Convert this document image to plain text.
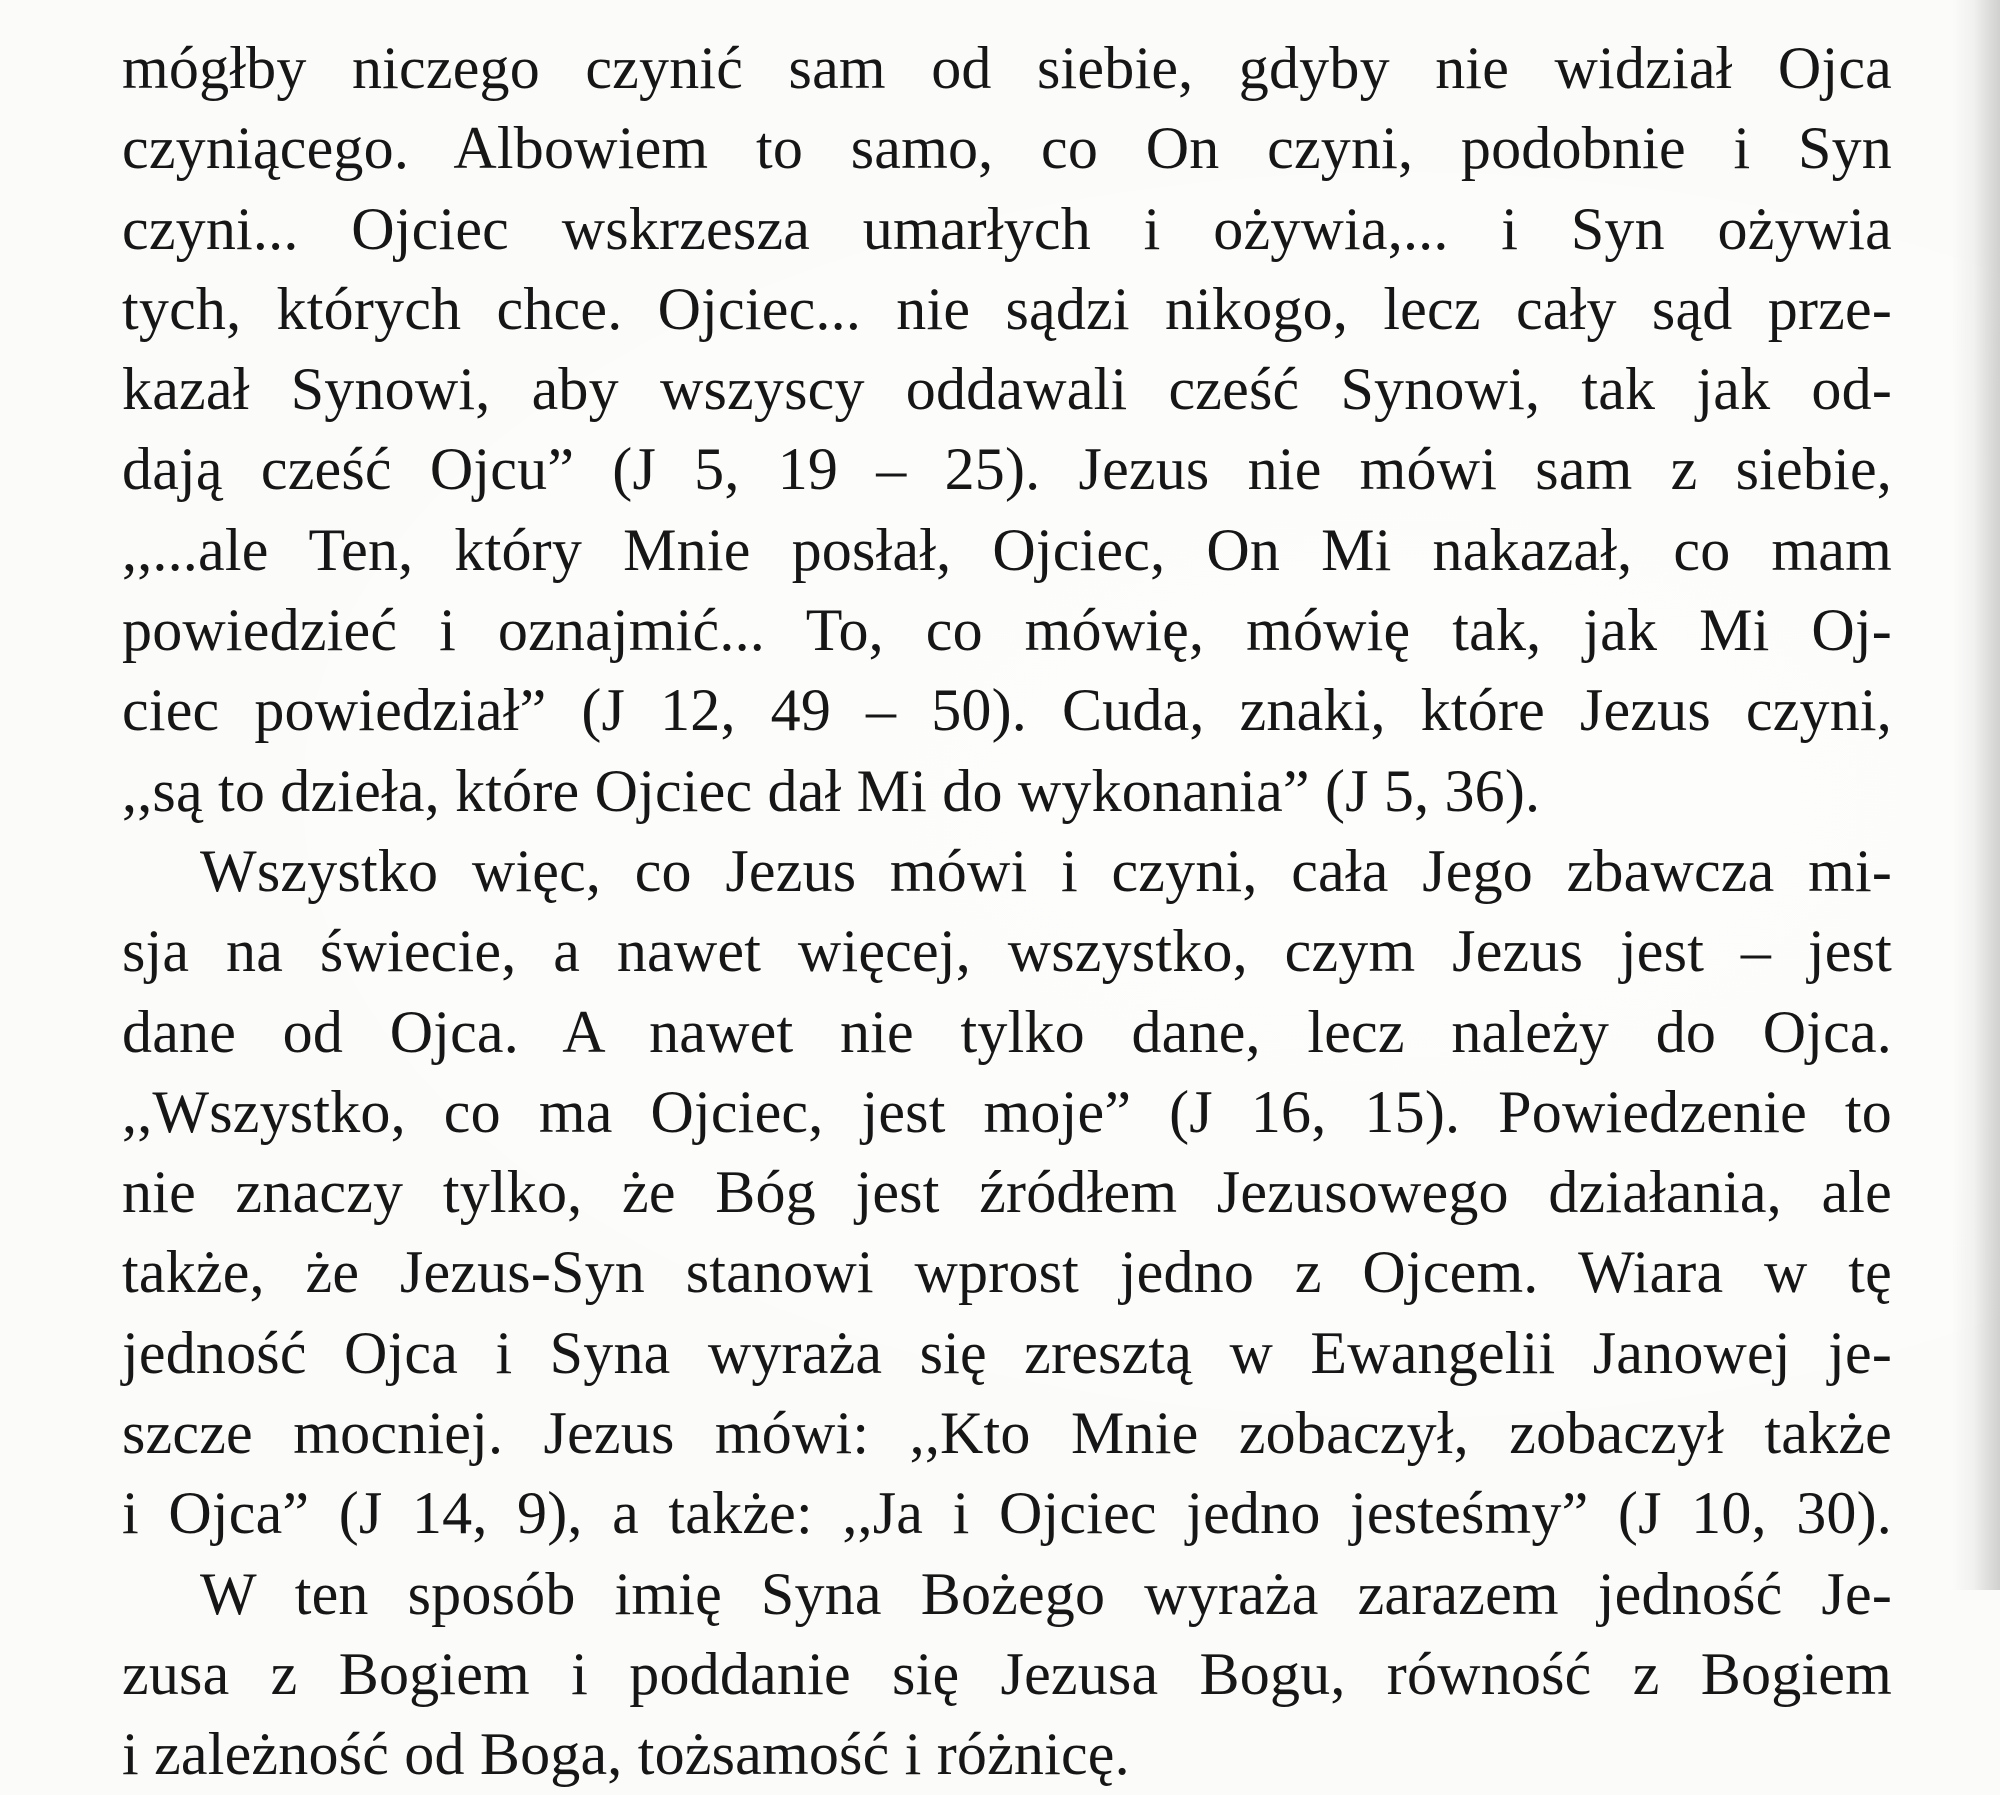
mógłby niczego czynić sam od siebie, gdyby nie widział Ojca
czyniącego. Albowiem to samo, co On czyni, podobnie i Syn
czyni... Ojciec wskrzesza umarłych i ożywia,... i Syn ożywia
tych, których chce. Ojciec... nie sądzi nikogo, lecz cały sąd prze-
kazał Synowi, aby wszyscy oddawali cześć Synowi, tak jak od-
dają cześć Ojcu” (J 5, 19 – 25). Jezus nie mówi sam z siebie,
,,...ale Ten, który Mnie posłał, Ojciec, On Mi nakazał, co mam
powiedzieć i oznajmić... To, co mówię, mówię tak, jak Mi Oj-
ciec powiedział” (J 12, 49 – 50). Cuda, znaki, które Jezus czyni,
,,są to dzieła, które Ojciec dał Mi do wykonania” (J 5, 36).
Wszystko więc, co Jezus mówi i czyni, cała Jego zbawcza mi-
sja na świecie, a nawet więcej, wszystko, czym Jezus jest – jest
dane od Ojca. A nawet nie tylko dane, lecz należy do Ojca.
,,Wszystko, co ma Ojciec, jest moje” (J 16, 15). Powiedzenie to
nie znaczy tylko, że Bóg jest źródłem Jezusowego działania, ale
także, że Jezus-Syn stanowi wprost jedno z Ojcem. Wiara w tę
jedność Ojca i Syna wyraża się zresztą w Ewangelii Janowej je-
szcze mocniej. Jezus mówi: ,,Kto Mnie zobaczył, zobaczył także
i Ojca” (J 14, 9), a także: ,,Ja i Ojciec jedno jesteśmy” (J 10, 30).
W ten sposób imię Syna Bożego wyraża zarazem jedność Je-
zusa z Bogiem i poddanie się Jezusa Bogu, równość z Bogiem
i zależność od Boga, tożsamość i różnicę.
